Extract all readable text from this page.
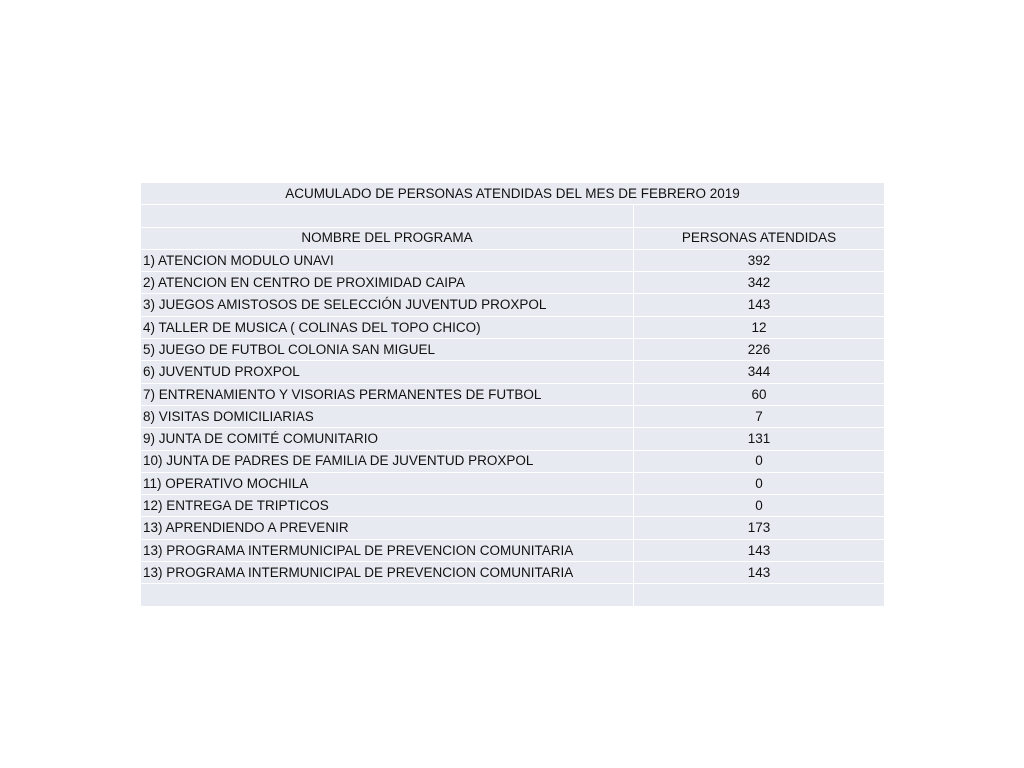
ACUMULADO DE PERSONAS ATENDIDAS DEL MES DE FEBRERO 2019	

NOMBRE DEL PROGRAMA	PERSONAS ATENDIDAS
1) ATENCION MODULO UNAVI	392
2) ATENCION EN CENTRO DE PROXIMIDAD CAIPA	342
3) JUEGOS AMISTOSOS DE SELECCIÓN JUVENTUD PROXPOL	143
4) TALLER DE MUSICA ( COLINAS DEL TOPO CHICO)	12
5) JUEGO DE FUTBOL COLONIA SAN MIGUEL	226
6) JUVENTUD PROXPOL	344
7) ENTRENAMIENTO Y VISORIAS PERMANENTES DE FUTBOL	60
8) VISITAS DOMICILIARIAS	7
9) JUNTA DE COMITÉ COMUNITARIO	131
10) JUNTA DE PADRES DE FAMILIA DE JUVENTUD PROXPOL	0
11) OPERATIVO MOCHILA	0
12) ENTREGA DE TRIPTICOS	0
13) APRENDIENDO A PREVENIR	173
13) PROGRAMA INTERMUNICIPAL DE PREVENCION COMUNITARIA	143
13) PROGRAMA INTERMUNICIPAL DE PREVENCION COMUNITARIA	143
